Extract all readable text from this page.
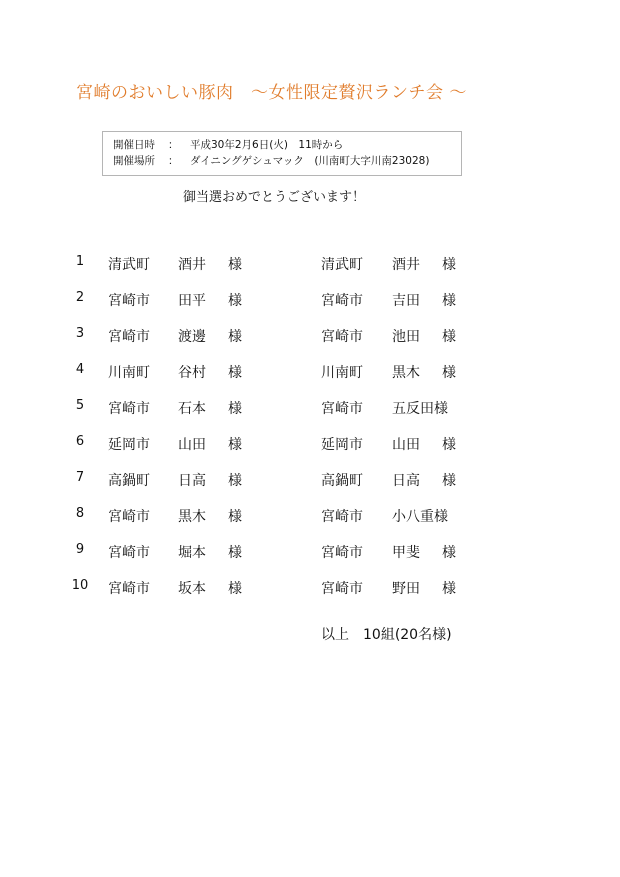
宮崎のおいしい豚肉　～女性限定贅沢ランチ会 ～
開催日時 ： 平成30年2月6日(火)　11時から
開催場所 ： ダイニングゲシュマック　(川南町大字川南23028)
御当選おめでとうございます！
1	清武町 酒井 様	清武町 酒井 様
2	宮崎市 田平 様	宮崎市 吉田 様
3	宮崎市 渡邊 様	宮崎市 池田 様
4	川南町 谷村 様	川南町 黒木 様
5	宮崎市 石本 様	宮崎市 五反田様
6	延岡市 山田 様	延岡市 山田 様
7	高鍋町 日高 様	高鍋町 日高 様
8	宮崎市 黒木 様	宮崎市 小八重様
9	宮崎市 堀本 様	宮崎市 甲斐 様
10 宮崎市 坂本 様	宮崎市 野田 様
以上 10組(20名様)
